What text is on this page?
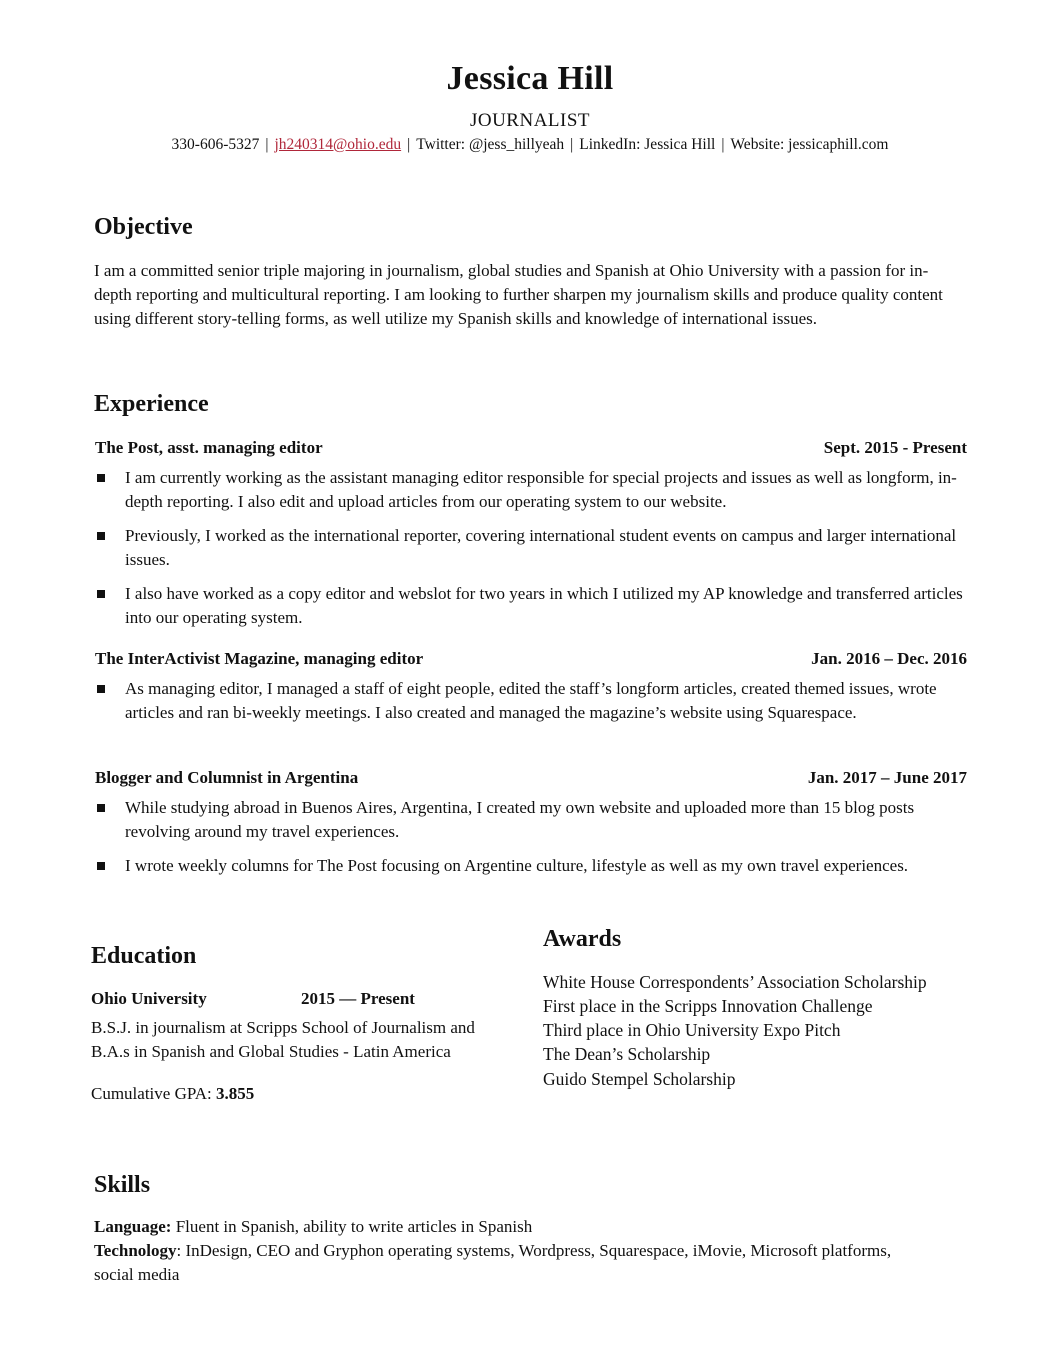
Jessica Hill
JOURNALIST
330-606-5327 | jh240314@ohio.edu | Twitter: @jess_hillyeah | LinkedIn: Jessica Hill | Website: jessicaphill.com
Objective
I am a committed senior triple majoring in journalism, global studies and Spanish at Ohio University with a passion for in-depth reporting and multicultural reporting. I am looking to further sharpen my journalism skills and produce quality content using different story-telling forms, as well utilize my Spanish skills and knowledge of international issues.
Experience
The Post, asst. managing editor	Sept. 2015 - Present
I am currently working as the assistant managing editor responsible for special projects and issues as well as longform, in-depth reporting. I also edit and upload articles from our operating system to our website.
Previously, I worked as the international reporter, covering international student events on campus and larger international issues.
I also have worked as a copy editor and webslot for two years in which I utilized my AP knowledge and transferred articles into our operating system.
The InterActivist Magazine, managing editor	Jan. 2016 – Dec. 2016
As managing editor, I managed a staff of eight people, edited the staff’s longform articles, created themed issues, wrote articles and ran bi-weekly meetings. I also created and managed the magazine’s website using Squarespace.
Blogger and Columnist in Argentina	Jan. 2017 – June 2017
While studying abroad in Buenos Aires, Argentina, I created my own website and uploaded more than 15 blog posts revolving around my travel experiences.
I wrote weekly columns for The Post focusing on Argentine culture, lifestyle as well as my own travel experiences.
Education
Ohio University	2015 — Present
B.S.J. in journalism at Scripps School of Journalism and
B.A.s in Spanish and Global Studies - Latin America
Cumulative GPA: 3.855
Awards
White House Correspondents’ Association Scholarship
First place in the Scripps Innovation Challenge
Third place in Ohio University Expo Pitch
The Dean’s Scholarship
Guido Stempel Scholarship
Skills
Language: Fluent in Spanish, ability to write articles in Spanish
Technology: InDesign, CEO and Gryphon operating systems, Wordpress, Squarespace, iMovie, Microsoft platforms, social media
